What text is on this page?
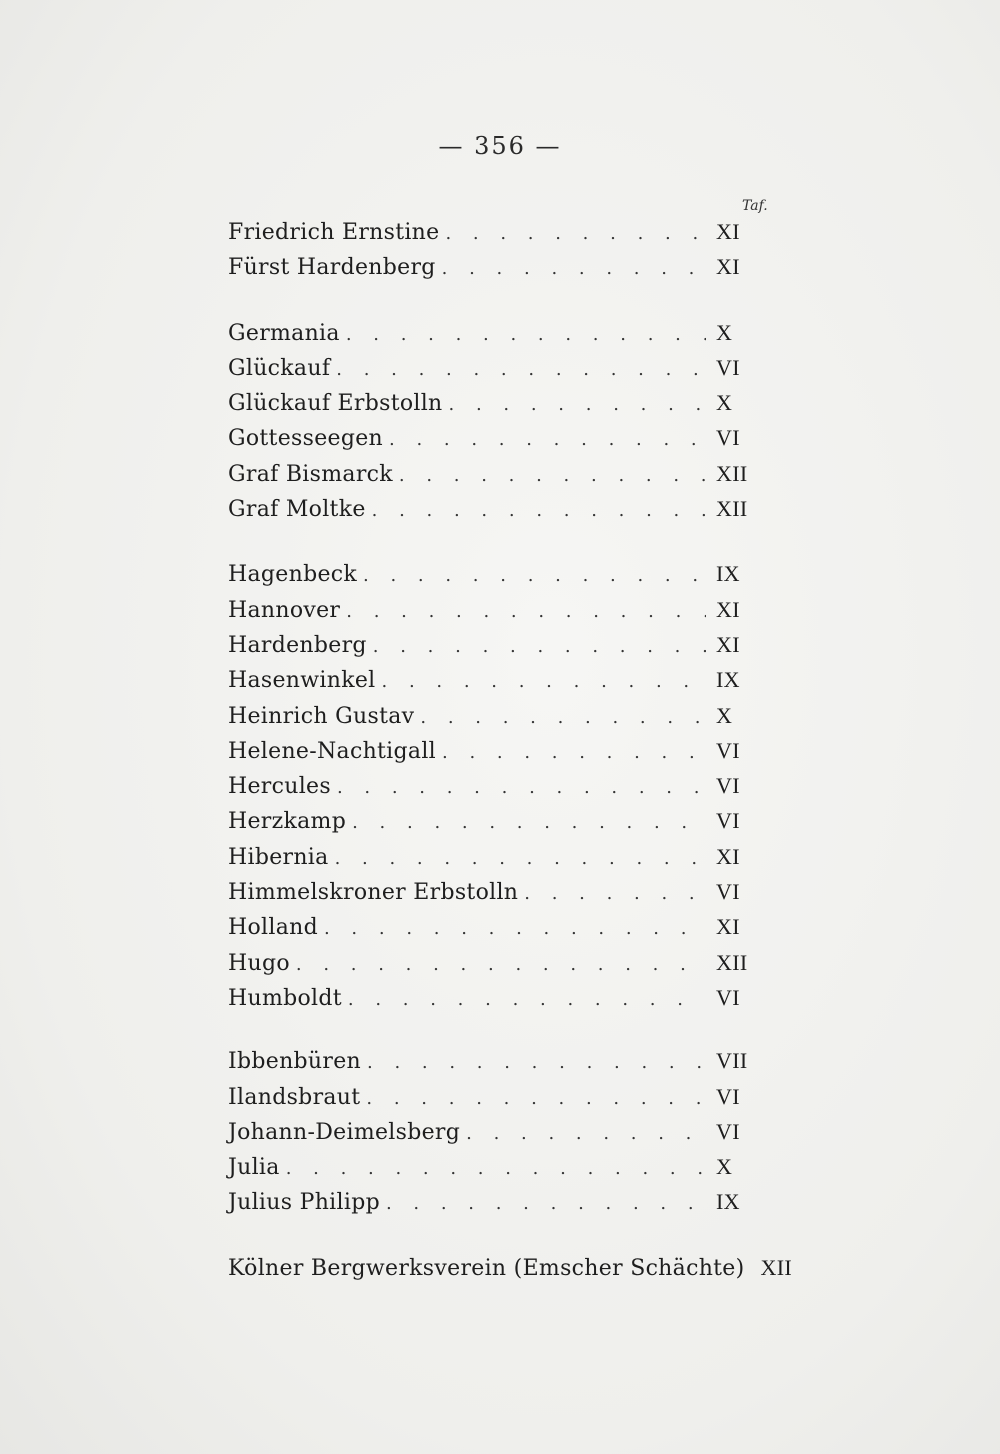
— 356 —
Taf.
Friedrich Ernstine . . .	XI
Fürst Hardenberg . . .	XI
Germania . . .	X
Glückauf . . .	VI
Glückauf Erbstolln . . .	X
Gottesseegen . . .	VI
Graf Bismarck . . .	XII
Graf Moltke . . .	XII
Hagenbeck . . .	IX
Hannover . . .	XI
Hardenberg . . .	XI
Hasenwinkel . . .	IX
Heinrich Gustav . . .	X
Helene-Nachtigall . . .	VI
Hercules . . .	VI
Herzkamp . . .	VI
Hibernia . . .	XI
Himmelskroner Erbstolln . . .	VI
Holland . . .	XI
Hugo . . .	XII
Humboldt . . .	VI
Ibbenbüren . . .	VII
Ilandsbraut . . .	VI
Johann-Deimelsberg . . .	VI
Julia . . .	X
Julius Philipp . . .	IX
Kölner Bergwerksverein (Emscher Schächte) XII
